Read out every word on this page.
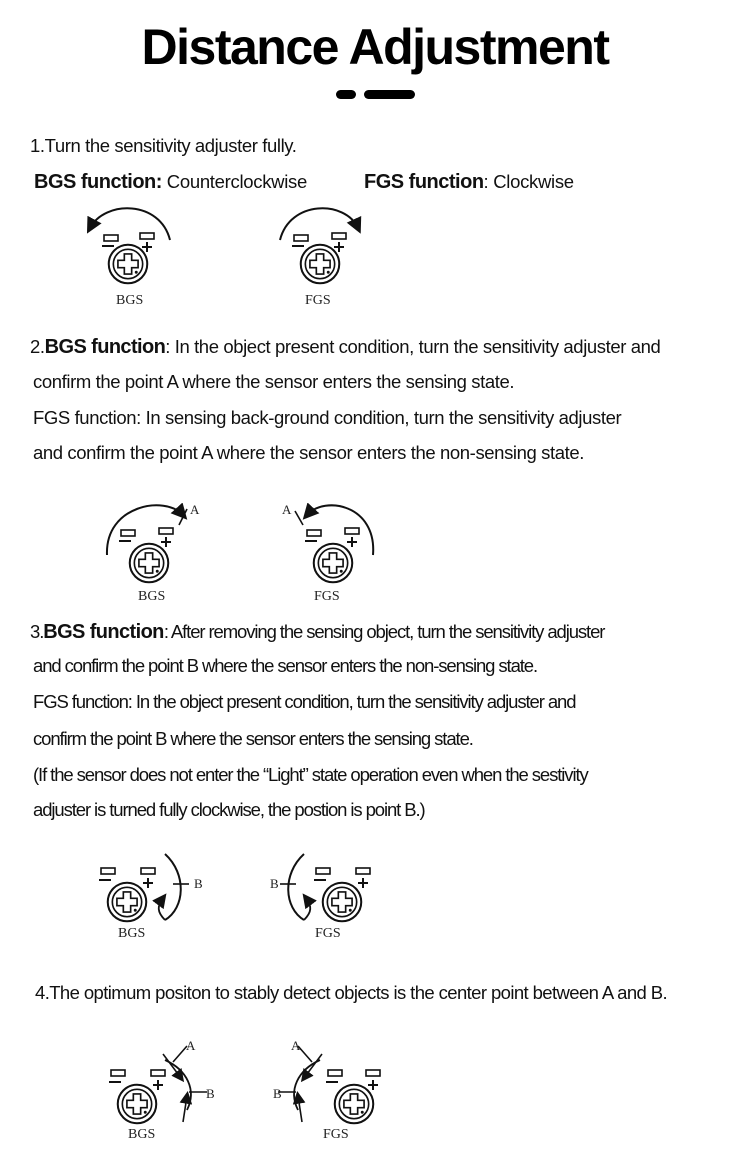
Distance Adjustment
1.Turn the sensitivity adjuster fully.
BGS function: Counterclockwise	FGS function: Clockwise
BGS	FGS
2.BGS function: In the object present condition, turn the sensitivity adjuster and
confirm the point A where the sensor enters the sensing state.
FGS function: In sensing back-ground condition, turn the sensitivity adjuster
and confirm the point A where the sensor enters the non-sensing state.
A
BGS
A
FGS
3.BGS function: After removing the sensing object, turn the sensitivity adjuster
and confirm the point B where the sensor enters the non-sensing state.
FGS function: In the object present condition, turn the sensitivity adjuster and
confirm the point B where the sensor enters the sensing state.
(If the sensor does not enter the “Light” state operation even when the sestivity
adjuster is turned fully clockwise, the postion is point B.)
B
BGS
B
FGS
4.The optimum positon to stably detect objects is the center point between A and B.
A
B
BGS
A
B
FGS
